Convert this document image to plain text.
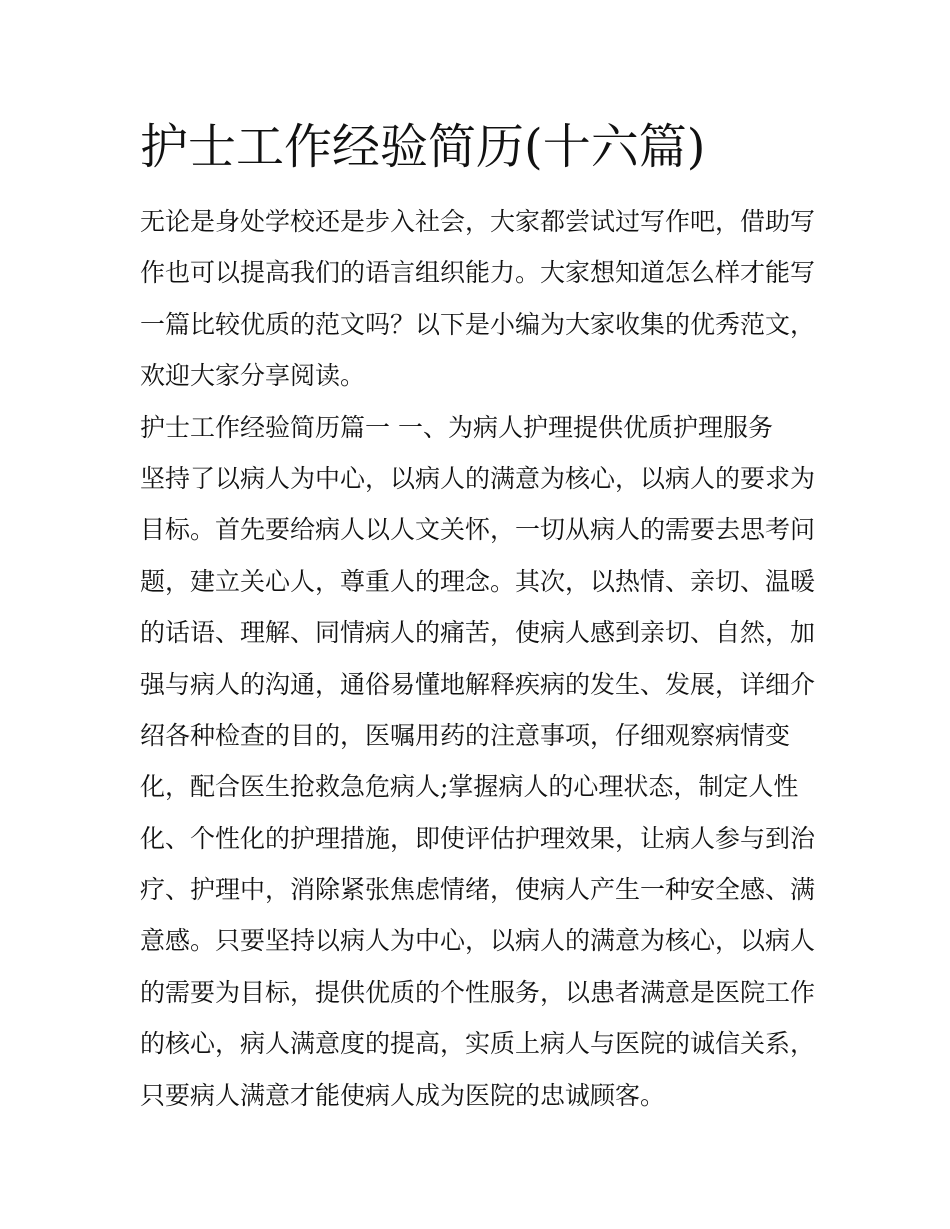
护士工作经验简历(十六篇)
无论是身处学校还是步入社会，大家都尝试过写作吧，借助写
作也可以提高我们的语言组织能力。大家想知道怎么样才能写
一篇比较优质的范文吗？以下是小编为大家收集的优秀范文，
欢迎大家分享阅读。
护士工作经验简历篇一 一、为病人护理提供优质护理服务
坚持了以病人为中心，以病人的满意为核心，以病人的要求为
目标。首先要给病人以人文关怀，一切从病人的需要去思考问
题，建立关心人，尊重人的理念。其次，以热情、亲切、温暖
的话语、理解、同情病人的痛苦，使病人感到亲切、自然，加
强与病人的沟通，通俗易懂地解释疾病的发生、发展，详细介
绍各种检查的目的，医嘱用药的注意事项，仔细观察病情变
化，配合医生抢救急危病人;掌握病人的心理状态，制定人性
化、个性化的护理措施，即使评估护理效果，让病人参与到治
疗、护理中，消除紧张焦虑情绪，使病人产生一种安全感、满
意感。只要坚持以病人为中心，以病人的满意为核心，以病人
的需要为目标，提供优质的个性服务，以患者满意是医院工作
的核心，病人满意度的提高，实质上病人与医院的诚信关系，
只要病人满意才能使病人成为医院的忠诚顾客。
